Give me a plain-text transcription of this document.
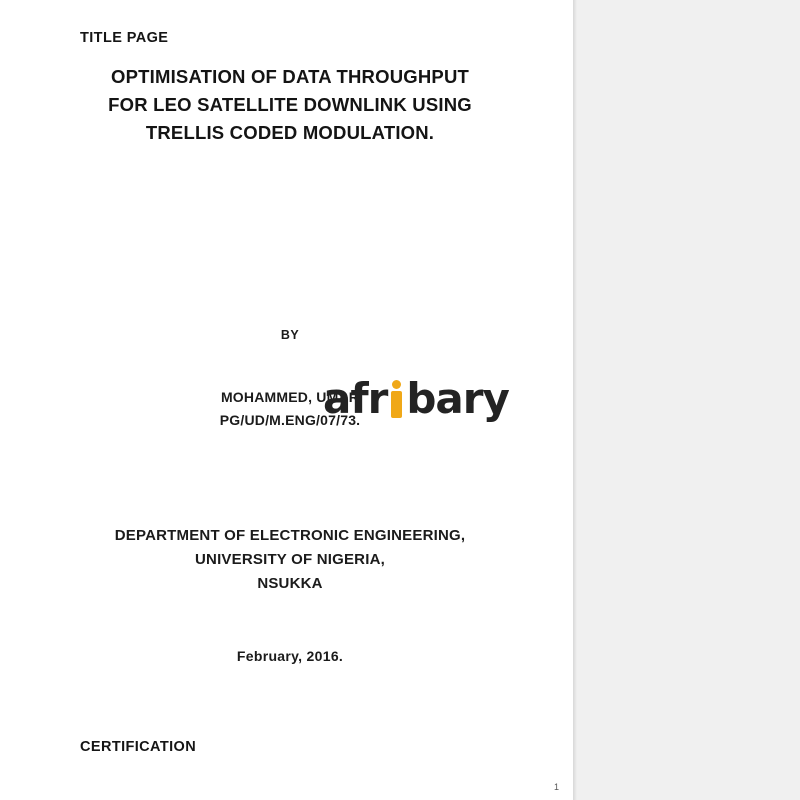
TITLE PAGE
OPTIMISATION OF DATA THROUGHPUT
FOR LEO SATELLITE DOWNLINK USING
TRELLIS CODED MODULATION.
BY
MOHAMMED, UMAR
PG/UD/M.ENG/07/73.
DEPARTMENT OF ELECTRONIC ENGINEERING,
UNIVERSITY OF NIGERIA,
NSUKKA
February, 2016.
CERTIFICATION
afr bary
1
